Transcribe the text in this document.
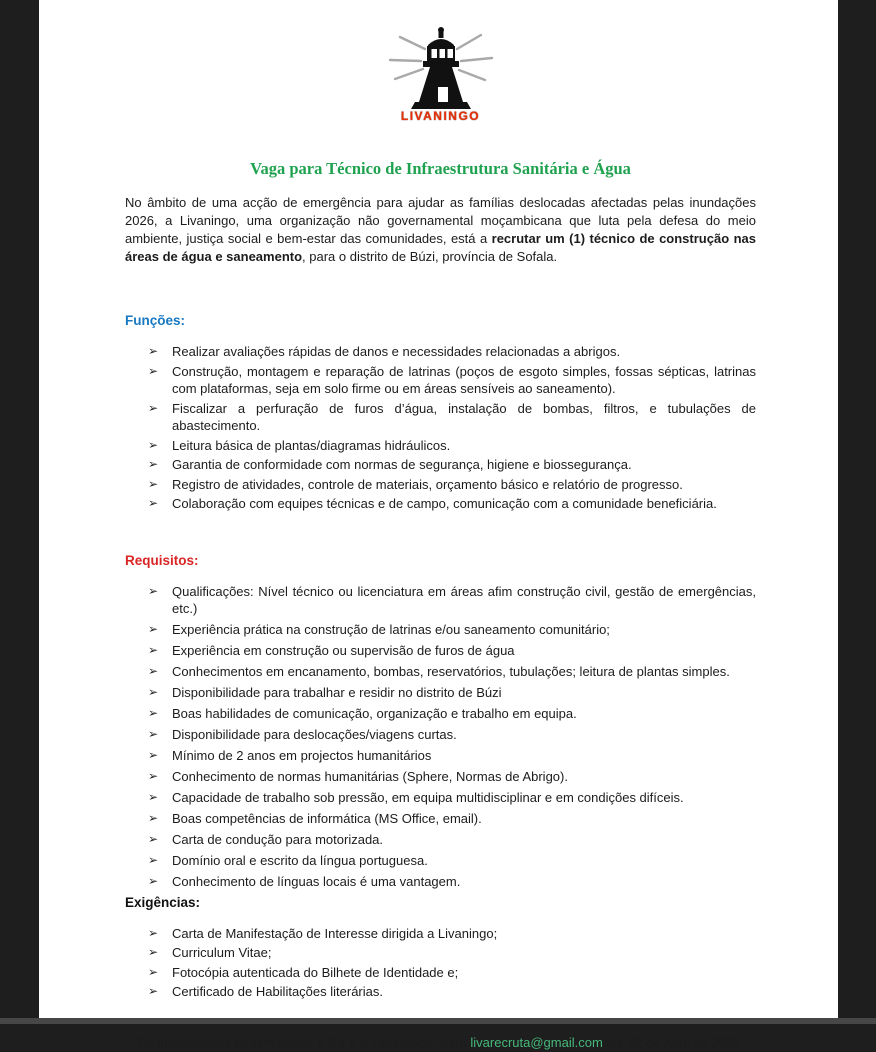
LIVANINGO
Vaga para Técnico de Infraestrutura Sanitária e Água

No âmbito de uma acção de emergência para ajudar as famílias deslocadas afectadas pelas inundações 2026, a Livaningo, uma organização não governamental moçambicana que luta pela defesa do meio ambiente, justiça social e bem-estar das comunidades, está a recrutar um (1) técnico de construção nas áreas de água e saneamento, para o distrito de Búzi, província de Sofala.

Funções:
➢	Realizar avaliações rápidas de danos e necessidades relacionadas a abrigos.
➢	Construção, montagem e reparação de latrinas (poços de esgoto simples, fossas sépticas, latrinas com plataformas, seja em solo firme ou em áreas sensíveis ao saneamento).
➢	Fiscalizar a perfuração de furos d’água, instalação de bombas, filtros, e tubulações de abastecimento.
➢	Leitura básica de plantas/diagramas hidráulicos.
➢	Garantia de conformidade com normas de segurança, higiene e biossegurança.
➢	Registro de atividades, controle de materiais, orçamento básico e relatório de progresso.
➢	Colaboração com equipes técnicas e de campo, comunicação com a comunidade beneficiária.
Requisitos:
➢	Qualificações: Nível técnico ou licenciatura em áreas afim construção civil, gestão de emergências, etc.)
➢	Experiência prática na construção de latrinas e/ou saneamento comunitário;
➢	Experiência em construção ou supervisão de furos de água
➢	Conhecimentos em encanamento, bombas, reservatórios, tubulações; leitura de plantas simples.
➢	Disponibilidade para trabalhar e residir no distrito de Búzi
➢	Boas habilidades de comunicação, organização e trabalho em equipa.
➢	Disponibilidade para deslocações/viagens curtas.
➢	Mínimo de 2 anos em projectos humanitários
➢	Conhecimento de normas humanitárias (Sphere, Normas de Abrigo).
➢	Capacidade de trabalho sob pressão, em equipa multidisciplinar e em condições difíceis.
➢	Boas competências de informática (MS Office, email).
➢	Carta de condução para motorizada.
➢	Domínio oral e escrito da língua portuguesa.
➢	Conhecimento de línguas locais é uma vantagem.
Exigências:
➢	Carta de Manifestação de Interesse dirigida a Livaningo;
➢	Curriculum Vitae;
➢	Fotocópia autenticada do Bilhete de Identidade e;
➢	Certificado de Habilitações literárias.

Os interessados podem enviar o CV e o Certificado, para livarecruta@gmail.com até 02 de Abril de 2026.
